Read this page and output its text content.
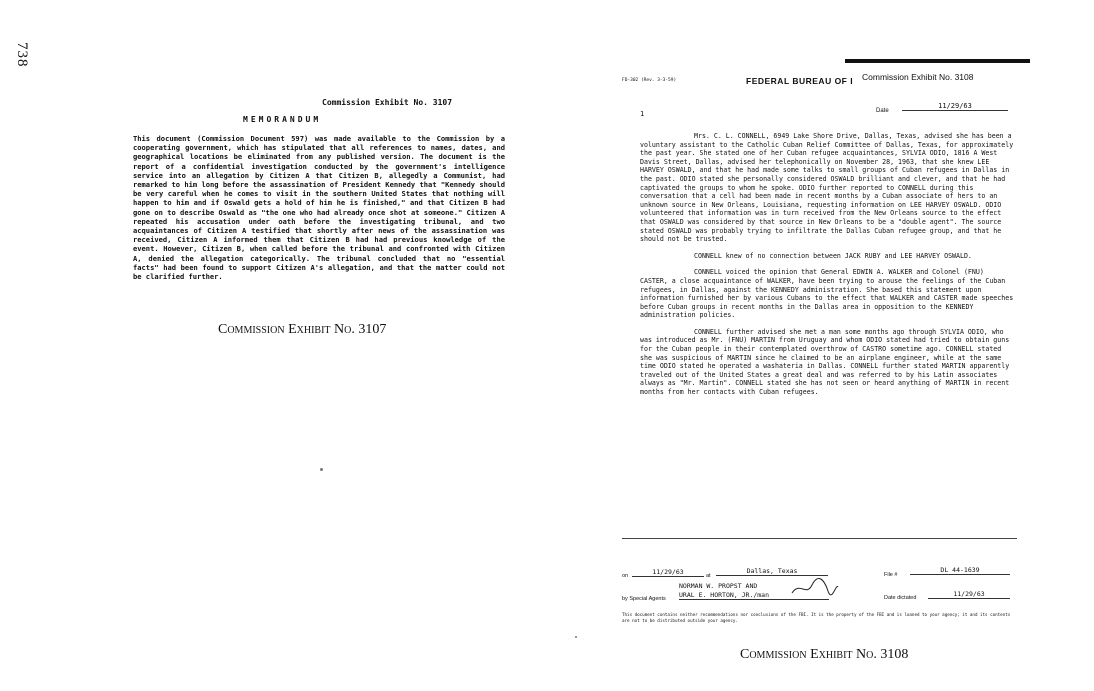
738
Commission Exhibit No. 3107
MEMORANDUM
This document (Commission Document 597) was made available to the Commission by a cooperating government, which has stipulated that all references to names, dates, and geographical locations be eliminated from any published version. The document is the report of a confidential investigation conducted by the government's intelligence service into an allegation by Citizen A that Citizen B, allegedly a Communist, had remarked to him long before the assassination of President Kennedy that "Kennedy should be very careful when he comes to visit in the southern United States that nothing will happen to him and if Oswald gets a hold of him he is finished," and that Citizen B had gone on to describe Oswald as "the one who had already once shot at someone." Citizen A repeated his accusation under oath before the investigating tribunal, and two acquaintances of Citizen A testified that shortly after news of the assassination was received, Citizen A informed them that Citizen B had had previous knowledge of the event. However, Citizen B, when called before the tribunal and confronted with Citizen A, denied the allegation categorically. The tribunal concluded that no "essential facts" had been found to support Citizen A's allegation, and that the matter could not be clarified further.
Commission Exhibit No. 3107
FD-302 (Rev. 3-3-59)	FEDERAL BUREAU OF I Commission Exhibit No. 3108
1	Date
11/29/63

Mrs. C. L. CONNELL, 6949 Lake Shore Drive, Dallas, Texas, advised she has been a voluntary assistant to the Catholic Cuban Relief Committee of Dallas, Texas, for approximately the past year. She stated one of her Cuban refugee acquaintances, SYLVIA ODIO, 1816 A West Davis Street, Dallas, advised her telephonically on November 28, 1963, that she knew LEE HARVEY OSWALD, and that he had made some talks to small groups of Cuban refugees in Dallas in the past. ODIO stated she personally considered OSWALD brilliant and clever, and that he had captivated the groups to whom he spoke. ODIO further reported to CONNELL during this conversation that a cell had been made in recent months by a Cuban associate of hers to an unknown source in New Orleans, Louisiana, requesting information on LEE HARVEY OSWALD. ODIO volunteered that information was in turn received from the New Orleans source to the effect that OSWALD was considered by that source in New Orleans to be a "double agent". The source stated OSWALD was probably trying to infiltrate the Dallas Cuban refugee group, and that he should not be trusted.

CONNELL knew of no connection between JACK RUBY and LEE HARVEY OSWALD.

CONNELL voiced the opinion that General EDWIN A. WALKER and Colonel (FNU) CASTER, a close acquaintance of WALKER, have been trying to arouse the feelings of the Cuban refugees, in Dallas, against the KENNEDY administration. She based this statement upon information furnished her by various Cubans to the effect that WALKER and CASTER made speeches before Cuban groups in recent months in the Dallas area in opposition to the KENNEDY administration policies.

CONNELL further advised she met a man some months ago through SYLVIA ODIO, who was introduced as Mr. (FNU) MARTIN from Uruguay and whom ODIO stated had tried to obtain guns for the Cuban people in their contemplated overthrow of CASTRO sometime ago. CONNELL stated she was suspicious of MARTIN since he claimed to be an airplane engineer, while at the same time ODIO stated he operated a washateria in Dallas. CONNELL further stated MARTIN apparently traveled out of the United States a great deal and was referred to by his Latin associates always as "Mr. Martin". CONNELL stated she has not seen or heard anything of MARTIN in recent months from her contacts with Cuban refugees.

on	11/29/63	at
Dallas, Texas	File #
DL 44-1639
by Special Agents
NORMAN W. PROPST AND
URAL E. HORTON, JR./man	Date dictated	11/29/63
This document contains neither recommendations nor conclusions of the FBI. It is the property of the FBI and is loaned to your agency; it and its contents are not to be distributed outside your agency.
Commission Exhibit No. 3108
